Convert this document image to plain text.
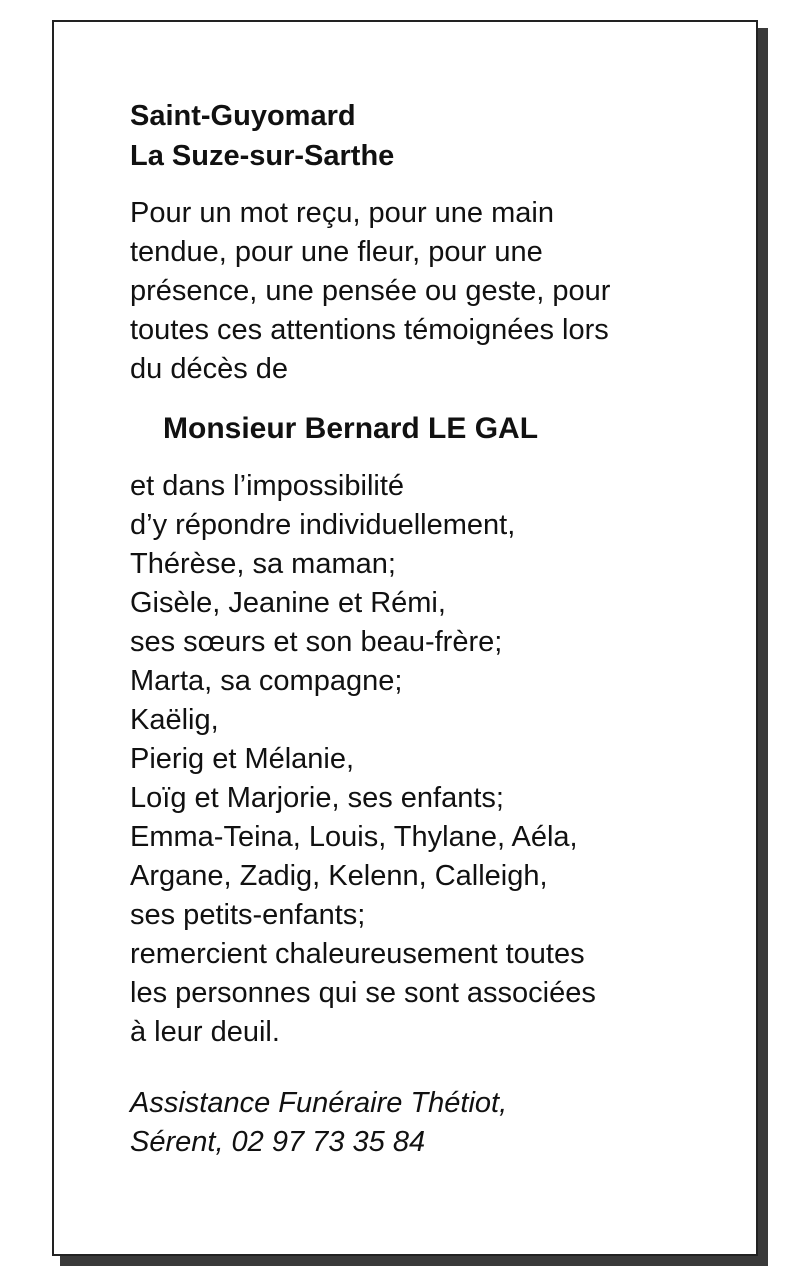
Saint-Guyomard

La Suze-sur-Sarthe

Pour un mot reçu, pour une main
tendue, pour une fleur, pour une
présence, une pensée ou geste, pour
toutes ces attentions témoignées lors
du décès de

Monsieur Bernard LE GAL

et dans l’impossibilité
d’y répondre individuellement,
Thérèse, sa maman;
Gisèle, Jeanine et Rémi,
ses sœurs et son beau-frère;
Marta, sa compagne;
Kaëlig,
Pierig et Mélanie,
Loïg et Marjorie, ses enfants;
Emma-Teina, Louis, Thylane, Aéla,
Argane, Zadig, Kelenn, Calleigh,
ses petits-enfants;
remercient chaleureusement toutes
les personnes qui se sont associées
à leur deuil.
Assistance Funéraire Thétiot,
Sérent, 02 97 73 35 84
